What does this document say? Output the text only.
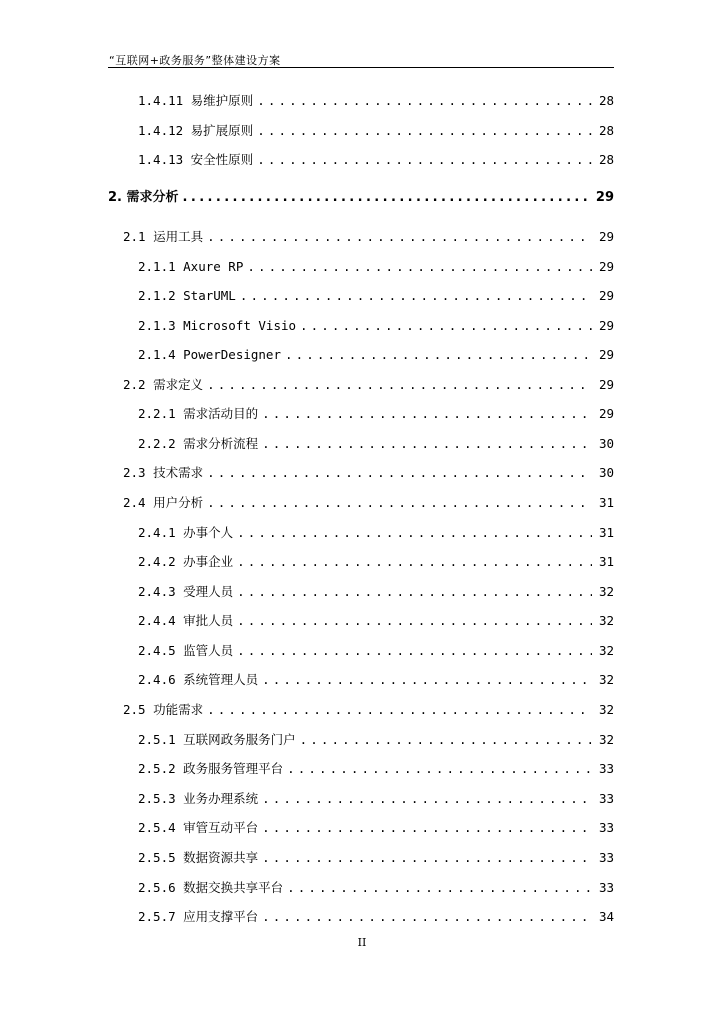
“互联网+政务服务”整体建设方案
1.4.11 易维护原则 .....	28
1.4.12 易扩展原则 .....	28
1.4.13 安全性原则 .....	28
2. 需求分析 .....	29
2.1 运用工具 .....	29
2.1.1 Axure RP .....	29
2.1.2 StarUML .....	29
2.1.3 Microsoft Visio .....	29
2.1.4 PowerDesigner .....	29
2.2 需求定义 .....	29
2.2.1 需求活动目的 .....	29
2.2.2 需求分析流程 .....	30
2.3 技术需求 .....	30
2.4 用户分析 .....	31
2.4.1 办事个人 .....	31
2.4.2 办事企业 .....	31
2.4.3 受理人员 .....	32
2.4.4 审批人员 .....	32
2.4.5 监管人员 .....	32
2.4.6 系统管理人员 .....	32
2.5 功能需求 .....	32
2.5.1 互联网政务服务门户 .....	32
2.5.2 政务服务管理平台 .....	33
2.5.3 业务办理系统 .....	33
2.5.4 审管互动平台 .....	33
2.5.5 数据资源共享 .....	33
2.5.6 数据交换共享平台 .....	33
2.5.7 应用支撑平台 .....	34
II
